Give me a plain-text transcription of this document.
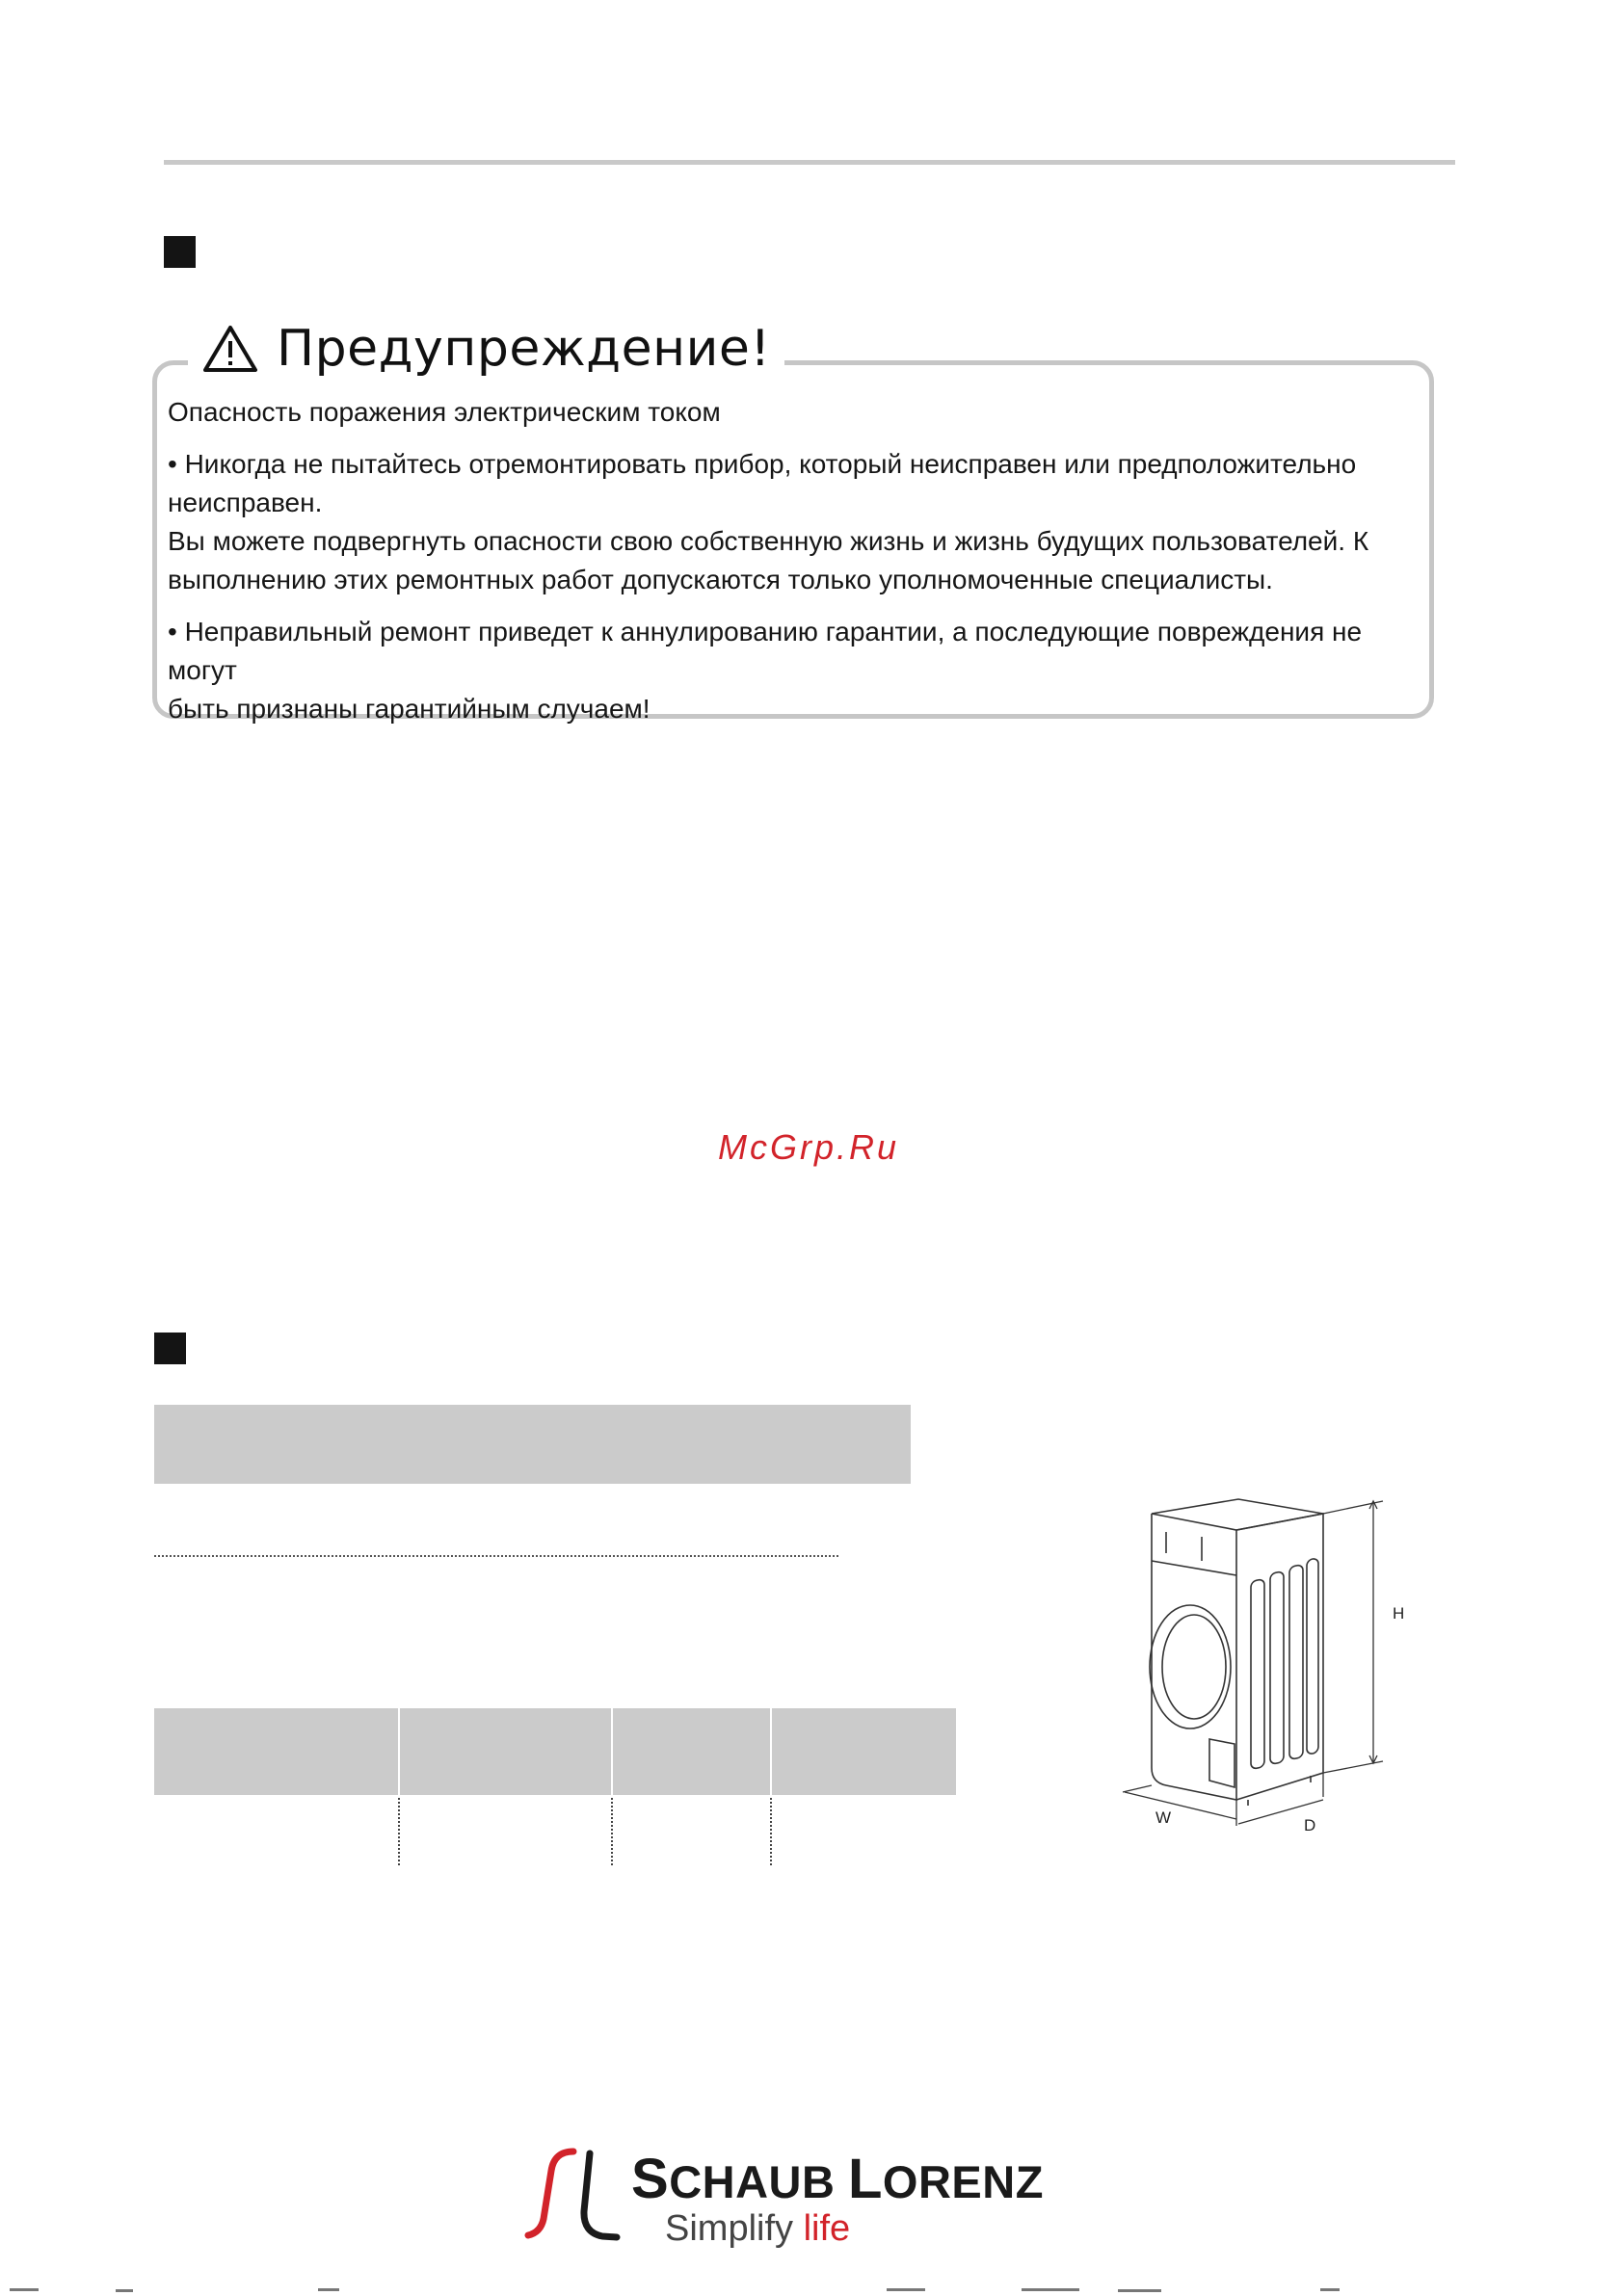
Предупреждение!

Опасность поражения электрическим током

• Никогда не пытайтесь отремонтировать прибор, который неисправен или предположительно

неисправен.

Вы можете подвергнуть опасности свою собственную жизнь и жизнь будущих пользователей. К

выполнению этих ремонтных работ допускаются только уполномоченные специалисты.

• Неправильный ремонт приведет к аннулированию гарантии, а последующие повреждения не могут

быть признаны гарантийным случаем!

McGrp.Ru
H
W	D
SCHAUB LORENZ
Simplify life
